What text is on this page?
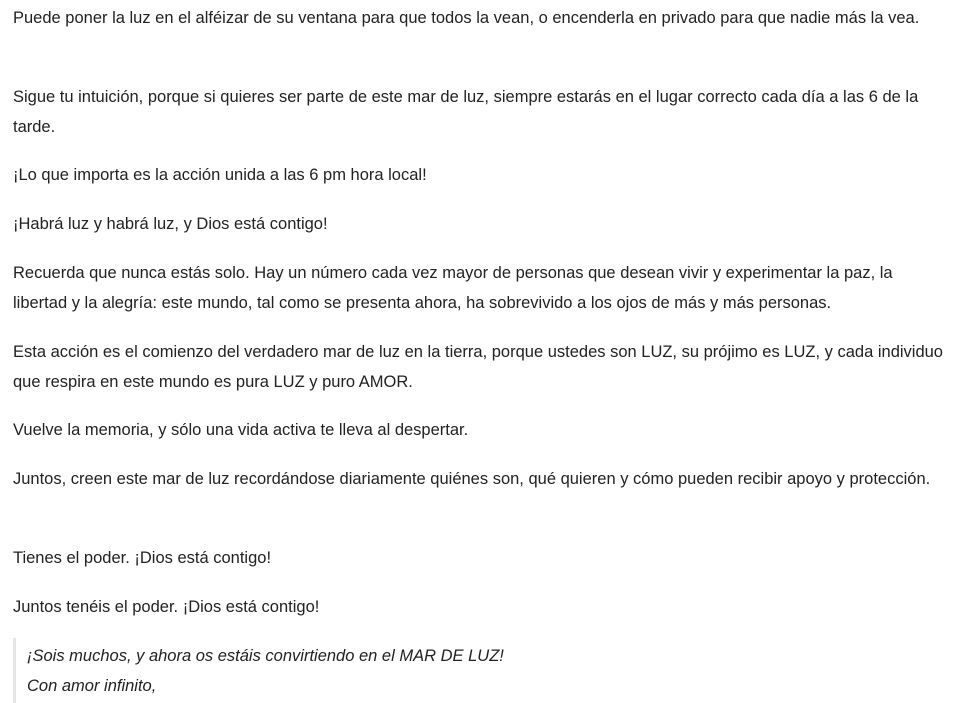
Puede poner la luz en el alféizar de su ventana para que todos la vean, o encenderla en privado para que nadie más la vea.

Sigue tu intuición, porque si quieres ser parte de este mar de luz, siempre estarás en el lugar correcto cada día a las 6 de la tarde.

¡Lo que importa es la acción unida a las 6 pm hora local!

¡Habrá luz y habrá luz, y Dios está contigo!

Recuerda que nunca estás solo. Hay un número cada vez mayor de personas que desean vivir y experimentar la paz, la libertad y la alegría: este mundo, tal como se presenta ahora, ha sobrevivido a los ojos de más y más personas.

Esta acción es el comienzo del verdadero mar de luz en la tierra, porque ustedes son LUZ, su prójimo es LUZ, y cada individuo que respira en este mundo es pura LUZ y puro AMOR.

Vuelve la memoria, y sólo una vida activa te lleva al despertar.

Juntos, creen este mar de luz recordándose diariamente quiénes son, qué quieren y cómo pueden recibir apoyo y protección.

Tienes el poder. ¡Dios está contigo!

Juntos tenéis el poder. ¡Dios está contigo!

¡Sois muchos, y ahora os estáis convirtiendo en el MAR DE LUZ!
Con amor infinito,
